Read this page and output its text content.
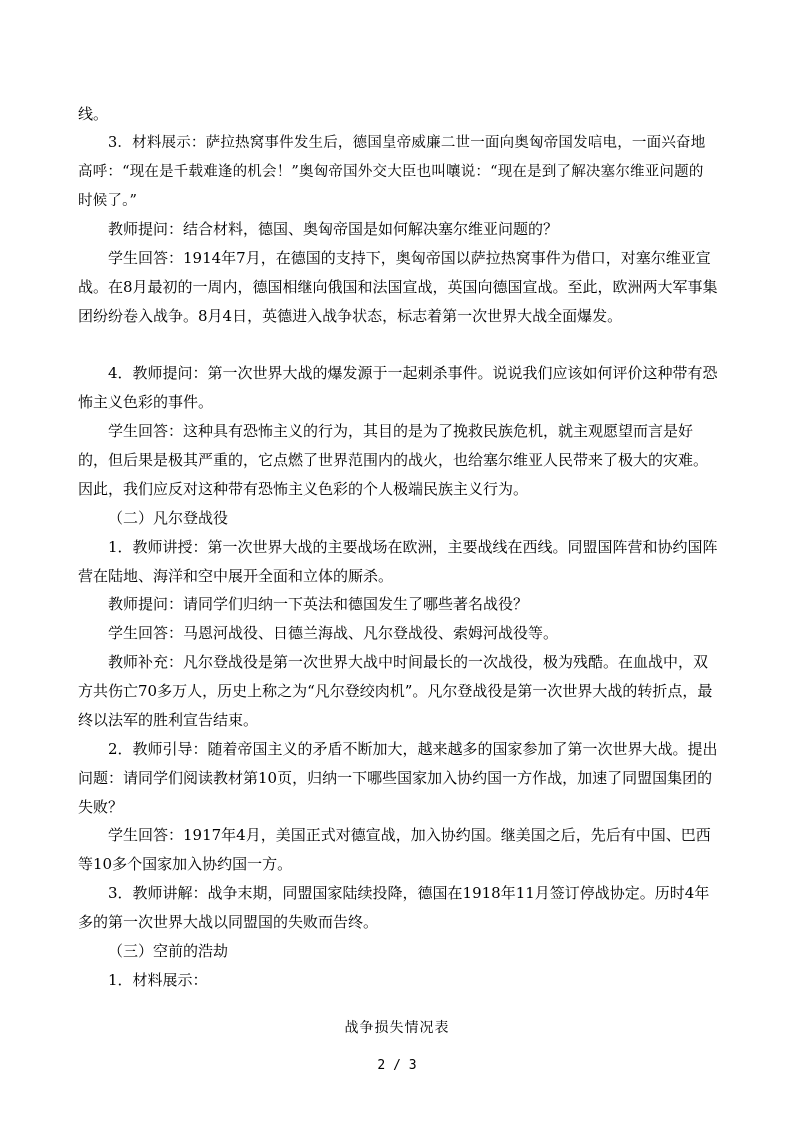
线。
3．材料展示：萨拉热窝事件发生后，德国皇帝威廉二世一面向奥匈帝国发唁电，一面兴奋地高呼：“现在是千载难逢的机会！”奥匈帝国外交大臣也叫嚷说：“现在是到了解决塞尔维亚问题的时候了。”
教师提问：结合材料，德国、奥匈帝国是如何解决塞尔维亚问题的？
学生回答：1914年7月，在德国的支持下，奥匈帝国以萨拉热窝事件为借口，对塞尔维亚宣战。在8月最初的一周内，德国相继向俄国和法国宣战，英国向德国宣战。至此，欧洲两大军事集团纷纷卷入战争。8月4日，英德进入战争状态，标志着第一次世界大战全面爆发。
4．教师提问：第一次世界大战的爆发源于一起刺杀事件。说说我们应该如何评价这种带有恐怖主义色彩的事件。
学生回答：这种具有恐怖主义的行为，其目的是为了挽救民族危机，就主观愿望而言是好的，但后果是极其严重的，它点燃了世界范围内的战火，也给塞尔维亚人民带来了极大的灾难。因此，我们应反对这种带有恐怖主义色彩的个人极端民族主义行为。
（二）凡尔登战役
1．教师讲授：第一次世界大战的主要战场在欧洲，主要战线在西线。同盟国阵营和协约国阵营在陆地、海洋和空中展开全面和立体的厮杀。
教师提问：请同学们归纳一下英法和德国发生了哪些著名战役？
学生回答：马恩河战役、日德兰海战、凡尔登战役、索姆河战役等。
教师补充：凡尔登战役是第一次世界大战中时间最长的一次战役，极为残酷。在血战中，双方共伤亡70多万人，历史上称之为“凡尔登绞肉机”。凡尔登战役是第一次世界大战的转折点，最终以法军的胜利宣告结束。
2．教师引导：随着帝国主义的矛盾不断加大，越来越多的国家参加了第一次世界大战。提出问题：请同学们阅读教材第10页，归纳一下哪些国家加入协约国一方作战，加速了同盟国集团的失败？
学生回答：1917年4月，美国正式对德宣战，加入协约国。继美国之后，先后有中国、巴西等10多个国家加入协约国一方。
3．教师讲解：战争末期，同盟国家陆续投降，德国在1918年11月签订停战协定。历时4年多的第一次世界大战以同盟国的失败而告终。
（三）空前的浩劫
1．材料展示：
战争损失情况表
2 / 3
